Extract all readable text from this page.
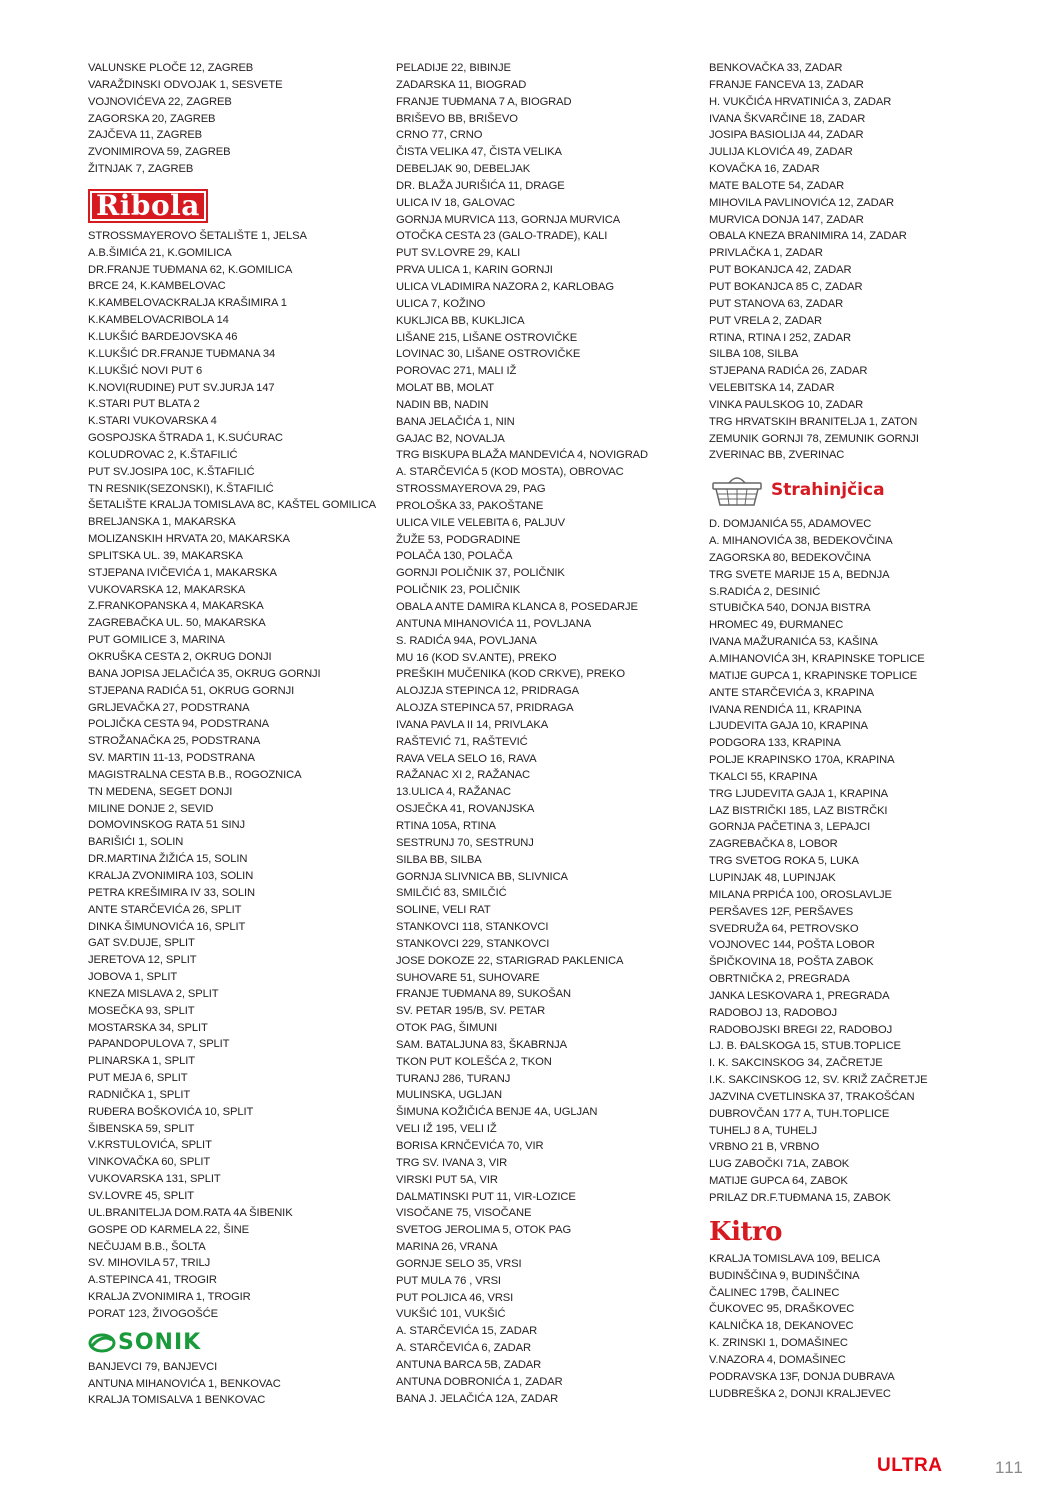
VALUNSKE PLOČE 12, ZAGREB
VARAŽDINSKI ODVOJAK 1, SESVETE
VOJNOVIĆEVA 22, ZAGREB
ZAGORSKA 20, ZAGREB
ZAJČEVA 11, ZAGREB
ZVONIMIROVA 59, ZAGREB
ŽITNJAK 7, ZAGREB
Ribola
STROSSMAYEROVO ŠETALIŠTE 1, JELSA
A.B.ŠIMIĆA 21, K.GOMILICA
DR.FRANJE TUĐMANA 62, K.GOMILICA
BRCE 24, K.KAMBELOVAC
K.KAMBELOVACKRALJA KRAŠIMIRA 1
K.KAMBELOVACRIBOLA 14
K.LUKŠIĆ BARDEJOVSKA 46
K.LUKŠIĆ DR.FRANJE TUĐMANA 34
K.LUKŠIĆ NOVI PUT 6
K.NOVI(RUDINE) PUT SV.JURJA 147
K.STARI PUT BLATA 2
K.STARI VUKOVARSKA 4
GOSPOJSKA ŠTRADA 1, K.SUĆURAC
KOLUDROVAC 2, K.ŠTAFILIĆ
PUT SV.JOSIPA 10C, K.ŠTAFILIĆ
TN RESNIK(SEZONSKI), K.ŠTAFILIĆ
ŠETALIŠTE KRALJA TOMISLAVA 8C, KAŠTEL GOMILICA
BRELJANSKA 1, MAKARSKA
MOLIZANSKIH HRVATA 20, MAKARSKA
SPLITSKA UL. 39, MAKARSKA
STJEPANA IVIČEVIĆA 1, MAKARSKA
VUKOVARSKA 12, MAKARSKA
Z.FRANKOPANSKA 4, MAKARSKA
ZAGREBAČKA UL. 50, MAKARSKA
PUT GOMILICE 3, MARINA
OKRUŠKA CESTA 2, OKRUG DONJI
BANA JOPISA JELAČIĆA 35, OKRUG GORNJI
STJEPANA RADIĆA 51, OKRUG GORNJI
GRLJEVAČKA 27, PODSTRANA
POLJIČKA CESTA 94, PODSTRANA
STROŽANAČKA 25, PODSTRANA
SV. MARTIN 11-13, PODSTRANA
MAGISTRALNA CESTA B.B., ROGOZNICA
TN MEDENA, SEGET DONJI
MILINE DONJE 2, SEVID
DOMOVINSKOG RATA 51 SINJ
BARIŠIĆI 1, SOLIN
DR.MARTINA ŽIŽIĆA 15, SOLIN
KRALJA ZVONIMIRA 103, SOLIN
PETRA KREŠIMIRA IV 33, SOLIN
ANTE STARČEVIĆA 26, SPLIT
DINKA ŠIMUNOVIĆA 16, SPLIT
GAT SV.DUJE, SPLIT
JERETOVA 12, SPLIT
JOBOVA 1, SPLIT
KNEZA MISLAVA 2, SPLIT
MOSEČKA 93, SPLIT
MOSTARSKA 34, SPLIT
PAPANDOPULOVA 7, SPLIT
PLINARSKA 1, SPLIT
PUT MEJA 6, SPLIT
RADNIČKA 1, SPLIT
RUĐERA BOŠKOVIĆA 10, SPLIT
ŠIBENSKA 59, SPLIT
V.KRSTULOVIĆA, SPLIT
VINKOVAČKA 60, SPLIT
VUKOVARSKA 131, SPLIT
SV.LOVRE 45, SPLIT
UL.BRANITELJA DOM.RATA 4A ŠIBENIK
GOSPE OD KARMELA 22, ŠINE
NEČUJAM B.B., ŠOLTA
SV. MIHOVILA 57, TRILJ
A.STEPINCA 41, TROGIR
KRALJA ZVONIMIRA 1, TROGIR
PORAT 123, ŽIVOGOŠĆE
SONIK
BANJEVCI 79, BANJEVCI
ANTUNA MIHANOVIĆA 1, BENKOVAC
KRALJA TOMISALVA 1 BENKOVAC
PELADIJE 22, BIBINJE
ZADARSKA 11, BIOGRAD
FRANJE TUĐMANA 7 A, BIOGRAD
BRIŠEVO BB, BRIŠEVO
CRNO 77, CRNO
ČISTA VELIKA 47, ČISTA VELIKA
DEBELJAK 90, DEBELJAK
DR. BLAŽA JURIŠIĆA 11, DRAGE
ULICA IV 18, GALOVAC
GORNJA MURVICA 113, GORNJA MURVICA
OTOČKA CESTA 23 (GALO-TRADE), KALI
PUT SV.LOVRE 29, KALI
PRVA ULICA 1, KARIN GORNJI
ULICA VLADIMIRA NAZORA 2, KARLOBAG
ULICA 7, KOŽINO
KUKLJICA BB, KUKLJICA
LIŠANE 215, LIŠANE OSTROVIČKE
LOVINAC 30, LIŠANE OSTROVIČKE
POROVAC 271, MALI IŽ
MOLAT BB, MOLAT
NADIN BB, NADIN
BANA JELAČIĆA 1, NIN
GAJAC B2, NOVALJA
TRG BISKUPA BLAŽA MANDEVIĆA 4, NOVIGRAD
A. STARČEVIĆA 5 (KOD MOSTA), OBROVAC
STROSSMAYEROVA 29, PAG
PROLOŠKA 33, PAKOŠTANE
ULICA VILE VELEBITA 6, PALJUV
ŽUŽE 53, PODGRADINE
POLAČA 130, POLAČA
GORNJI POLIČNIK 37, POLIČNIK
POLIČNIK 23, POLIČNIK
OBALA ANTE DAMIRA KLANCA 8, POSEDARJE
ANTUNA MIHANOVIĆA 11, POVLJANA
S. RADIĆA 94A, POVLJANA
MU 16 (KOD SV.ANTE), PREKO
PREŠKIH MUČENIKA (KOD CRKVE), PREKO
ALOJZJA STEPINCA 12, PRIDRAGA
ALOJZA STEPINCA 57, PRIDRAGA
IVANA PAVLA II 14, PRIVLAKA
RAŠTEVIĆ 71, RAŠTEVIĆ
RAVA VELA SELO 16, RAVA
RAŽANAC XI 2, RAŽANAC
13.ULICA 4, RAŽANAC
OSJEČKA 41, ROVANJSKA
RTINA 105A, RTINA
SESTRUNJ 70, SESTRUNJ
SILBA BB, SILBA
GORNJA SLIVNICA BB, SLIVNICA
SMILČIĆ 83, SMILČIĆ
SOLINE, VELI RAT
STANKOVCI 118, STANKOVCI
STANKOVCI 229, STANKOVCI
JOSE DOKOZE 22, STARIGRAD PAKLENICA
SUHOVARE 51, SUHOVARE
FRANJE TUĐMANA 89, SUKOŠAN
SV. PETAR 195/B, SV. PETAR
OTOK PAG, ŠIMUNI
SAM. BATALJUNA 83, ŠKABRNJA
TKON PUT KOLEŠĆA 2, TKON
TURANJ 286, TURANJ
MULINSKA, UGLJAN
ŠIMUNA KOŽIČIĆA BENJE 4A, UGLJAN
VELI IŽ 195, VELI IŽ
BORISA KRNČEVIĆA 70, VIR
TRG SV. IVANA 3, VIR
VIRSKI PUT 5A, VIR
DALMATINSKI PUT 11, VIR-LOZICE
VISOČANE 75, VISOČANE
SVETOG JEROLIMA 5, OTOK PAG
MARINA 26, VRANA
GORNJE SELO 35, VRSI
PUT MULA 76 , VRSI
PUT POLJICA 46, VRSI
VUKŠIĆ 101, VUKŠIĆ
A. STARČEVIĆA 15, ZADAR
A. STARČEVIĆA 6, ZADAR
ANTUNA BARCA 5B, ZADAR
ANTUNA DOBRONIĆA 1, ZADAR
BANA J. JELAČIĆA 12A, ZADAR
BENKOVAČKA 33, ZADAR
FRANJE FANCEVA 13, ZADAR
H. VUKČIĆA HRVATINIĆA 3, ZADAR
IVANA ŠKVARČINE 18, ZADAR
JOSIPA BASIOLIJA 44, ZADAR
JULIJA KLOVIĆA 49, ZADAR
KOVAČKA 16, ZADAR
MATE BALOTE 54, ZADAR
MIHOVILA PAVLINOVIĆA 12, ZADAR
MURVICA DONJA 147, ZADAR
OBALA KNEZA BRANIMIRA 14, ZADAR
PRIVLAČKA 1, ZADAR
PUT BOKANJCA 42, ZADAR
PUT BOKANJCA 85 C, ZADAR
PUT STANOVA 63, ZADAR
PUT VRELA 2, ZADAR
RTINA, RTINA I 252, ZADAR
SILBA 108, SILBA
STJEPANA RADIĆA 26, ZADAR
VELEBITSKA 14, ZADAR
VINKA PAULSKOG 10, ZADAR
TRG HRVATSKIH BRANITELJA 1, ZATON
ZEMUNIK GORNJI 78, ZEMUNIK GORNJI
ZVERINAC BB, ZVERINAC
Strahinjčica
D. DOMJANIĆA 55, ADAMOVEC
A. MIHANOVIĆA 38, BEDEKOVČINA
ZAGORSKA 80, BEDEKOVČINA
TRG SVETE MARIJE 15 A, BEDNJA
S.RADIĆA 2, DESINIĆ
STUBIČKA 540, DONJA BISTRA
HROMEC 49, ĐURMANEC
IVANA MAŽURANIĆA 53, KAŠINA
A.MIHANOVIĆA 3H, KRAPINSKE TOPLICE
MATIJE GUPCA 1, KRAPINSKE TOPLICE
ANTE STARČEVIĆA 3, KRAPINA
IVANA RENDIĆA 11, KRAPINA
LJUDEVITA GAJA 10, KRAPINA
PODGORA 133, KRAPINA
POLJE KRAPINSKO 170A, KRAPINA
TKALCI 55, KRAPINA
TRG LJUDEVITA GAJA 1, KRAPINA
LAZ BISTRIČKI 185, LAZ BISTRČKI
GORNJA PAČETINA 3, LEPAJCI
ZAGREBAČKA 8, LOBOR
TRG SVETOG ROKA 5, LUKA
LUPINJAK 48, LUPINJAK
MILANA PRPIĆA 100, OROSLAVLJE
PERŠAVES 12F, PERŠAVES
SVEDRUŽA 64, PETROVSKO
VOJNOVEC 144, POŠTA LOBOR
ŠPIČKOVINA 18, POŠTA ZABOK
OBRTNIČKA 2, PREGRADA
JANKA LESKOVARA 1, PREGRADA
RADOBOJ 13, RADOBOJ
RADOBOJSKI BREGI 22, RADOBOJ
LJ. B. ĐALSKOGA 15, STUB.TOPLICE
I. K. SAKCINSKOG 34, ZAČRETJE
I.K. SAKCINSKOG 12, SV. KRIŽ ZAČRETJE
JAZVINA CVETLINSKA 37, TRAKOŠĆAN
DUBROVČAN 177 A, TUH.TOPLICE
TUHELJ 8 A, TUHELJ
VRBNO 21 B, VRBNO
LUG ZABOČKI 71A, ZABOK
MATIJE GUPCA 64, ZABOK
PRILAZ DR.F.TUĐMANA 15, ZABOK
Kitro
KRALJA TOMISLAVA 109, BELICA
BUDINŠČINA 9, BUDINŠČINA
ČALINEC 179B, ČALINEC
ČUKOVEC 95, DRAŠKOVEC
KALNIČKA 18, DEKANOVEC
K. ZRINSKI 1, DOMAŠINEC
V.NAZORA 4, DOMAŠINEC
PODRAVSKA 13F, DONJA DUBRAVA
LUDBREŠKA 2, DONJI KRALJEVEC
ULTRA	111
